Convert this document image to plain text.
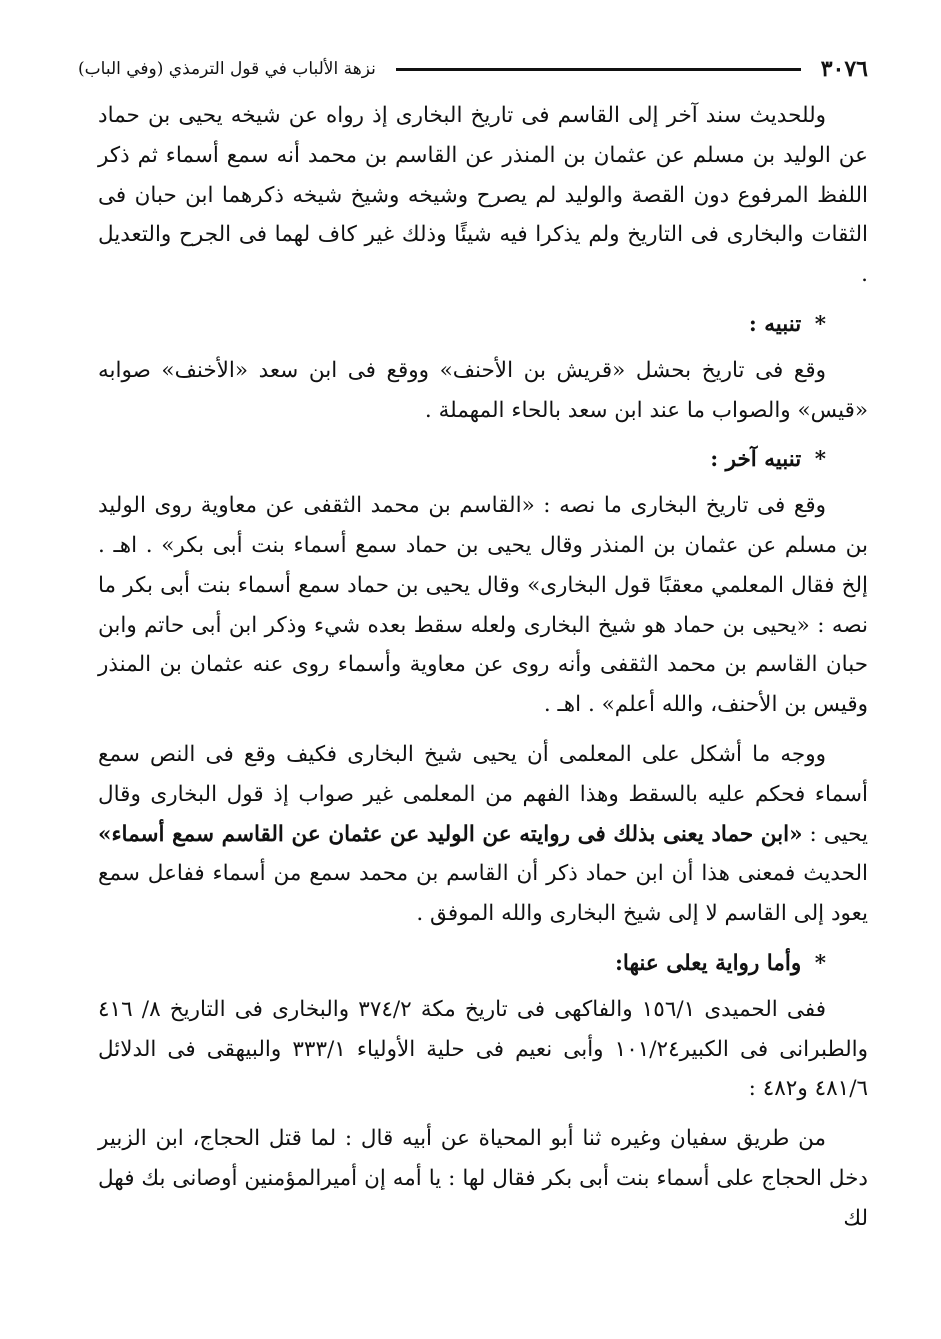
٣٠٧٦
نزهة الألباب في قول الترمذي (وفي الباب)

وللحديث سند آخر إلى القاسم فى تاريخ البخارى إذ رواه عن شيخه يحيى بن حماد عن الوليد بن مسلم عن عثمان بن المنذر عن القاسم بن محمد أنه سمع أسماء ثم ذكر اللفظ المرفوع دون القصة والوليد لم يصرح وشيخه وشيخ شيخه ذكرهما ابن حبان فى الثقات والبخارى فى التاريخ ولم يذكرا فيه شيئًا وذلك غير كاف لهما فى الجرح والتعديل .

* تنبيه :

وقع فى تاريخ بحشل «قريش بن الأحنف» ووقع فى ابن سعد «الأخنف» صوابه «قيس» والصواب ما عند ابن سعد بالحاء المهملة .

* تنبيه آخر :

وقع فى تاريخ البخارى ما نصه : «القاسم بن محمد الثقفى عن معاوية روى الوليد بن مسلم عن عثمان بن المنذر وقال يحيى بن حماد سمع أسماء بنت أبى بكر» . اهـ . إلخ فقال المعلمي معقبًا قول البخارى» وقال يحيى بن حماد سمع أسماء بنت أبى بكر ما نصه : «يحيى بن حماد هو شيخ البخارى ولعله سقط بعده شيء وذكر ابن أبى حاتم وابن حبان القاسم بن محمد الثقفى وأنه روى عن معاوية وأسماء روى عنه عثمان بن المنذر وقيس بن الأحنف، والله أعلم» . اهـ .

ووجه ما أشكل على المعلمى أن يحيى شيخ البخارى فكيف وقع فى النص سمع أسماء فحكم عليه بالسقط وهذا الفهم من المعلمى غير صواب إذ قول البخارى وقال يحيى : «ابن حماد يعنى بذلك فى روايته عن الوليد عن عثمان عن القاسم سمع أسماء» الحديث فمعنى هذا أن ابن حماد ذكر أن القاسم بن محمد سمع من أسماء ففاعل سمع يعود إلى القاسم لا إلى شيخ البخارى والله الموفق .

* وأما رواية يعلى عنها:

ففى الحميدى ١٥٦/١ والفاكهى فى تاريخ مكة ٣٧٤/٢ والبخارى فى التاريخ ٨/ ٤١٦ والطبرانى فى الكبير١٠١/٢٤ وأبى نعيم فى حلية الأولياء ٣٣٣/١ والبيهقى فى الدلائل ٤٨١/٦ و٤٨٢ :

من طريق سفيان وغيره ثنا أبو المحياة عن أبيه قال : لما قتل الحجاج، ابن الزبير دخل الحجاج على أسماء بنت أبى بكر فقال لها : يا أمه إن أميرالمؤمنين أوصانى بك فهل لك
